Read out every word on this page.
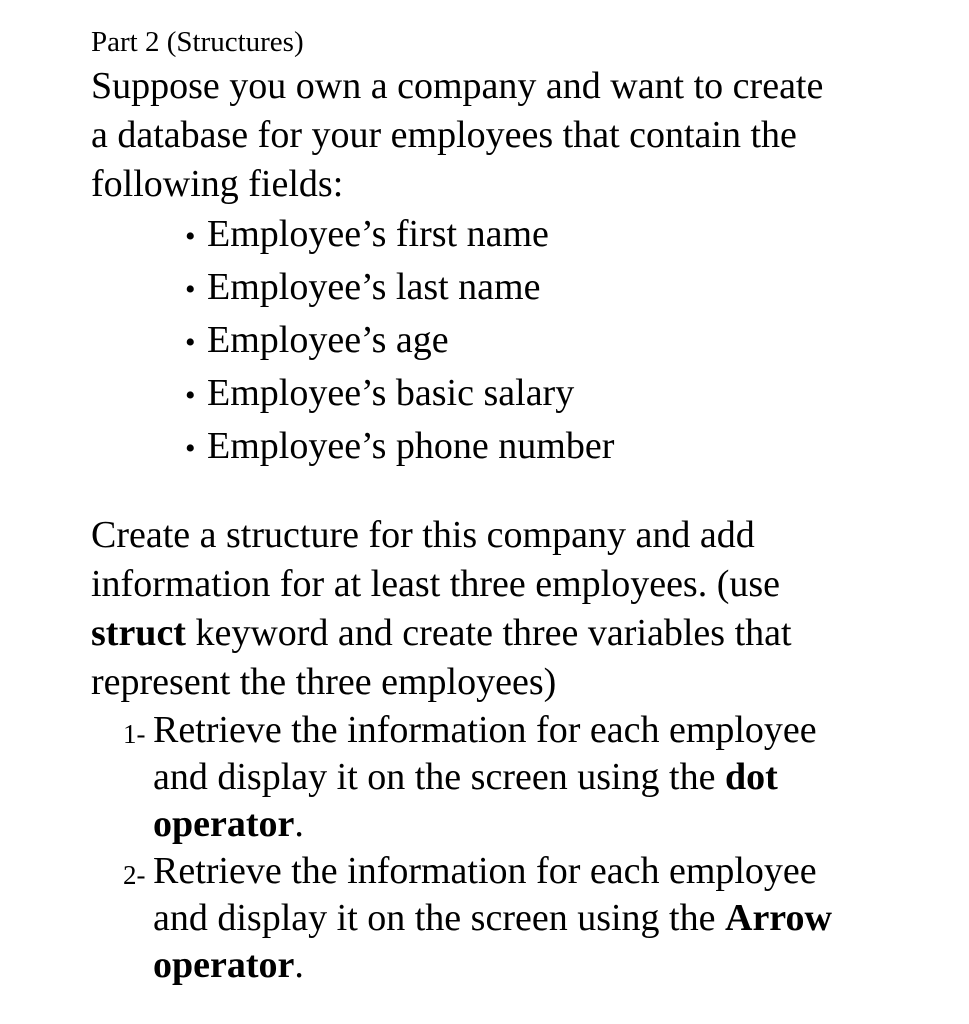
Part 2 (Structures)

Suppose you own a company and want to create
a database for your employees that contain the
following fields:

• Employee’s first name
• Employee’s last name
• Employee’s age
• Employee’s basic salary
• Employee’s phone number

Create a structure for this company and add
information for at least three employees. (use
struct keyword and create three variables that
represent the three employees)

1- Retrieve the information for each employee
and display it on the screen using the dot
operator.
2- Retrieve the information for each employee
and display it on the screen using the Arrow
operator.
